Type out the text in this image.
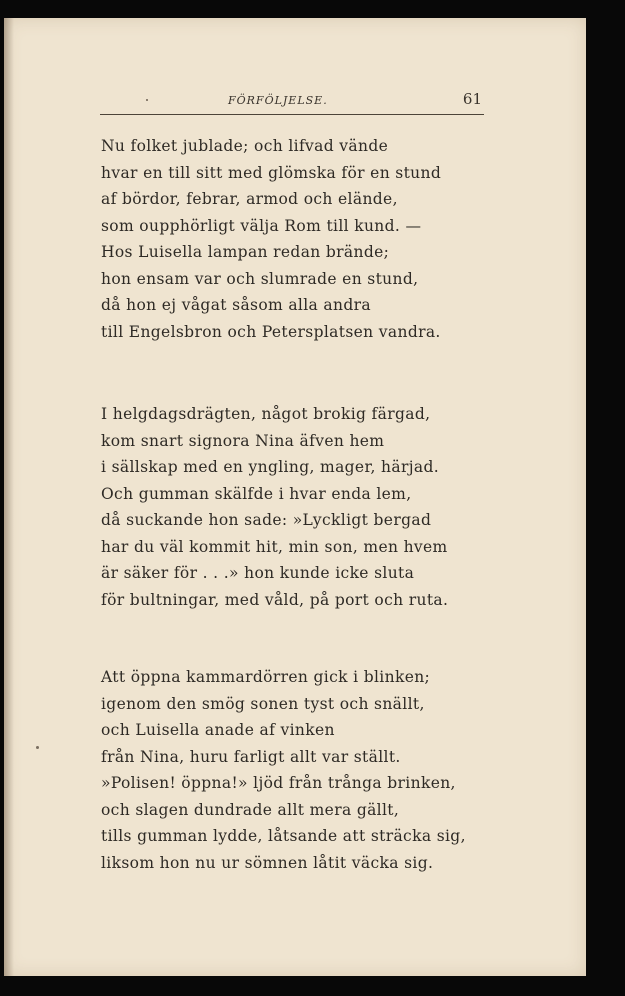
FÖRFÖLJELSE.	61
Nu folket jublade; och lifvad vände
hvar en till sitt med glömska för en stund
af bördor, febrar, armod och elände,
som oupphörligt välja Rom till kund. —
Hos Luisella lampan redan brände;
hon ensam var och slumrade en stund,
då hon ej vågat såsom alla andra
till Engelsbron och Petersplatsen vandra.
I helgdagsdrägten, något brokig färgad,
kom snart signora Nina äfven hem
i sällskap med en yngling, mager, härjad.
Och gumman skälfde i hvar enda lem,
då suckande hon sade: »Lyckligt bergad
har du väl kommit hit, min son, men hvem
är säker för . . .» hon kunde icke sluta
för bultningar, med våld, på port och ruta.
Att öppna kammardörren gick i blinken;
igenom den smög sonen tyst och snällt,
och Luisella anade af vinken
från Nina, huru farligt allt var ställt.
»Polisen! öppna!» ljöd från trånga brinken,
och slagen dundrade allt mera gällt,
tills gumman lydde, låtsande att sträcka sig,
liksom hon nu ur sömnen låtit väcka sig.
